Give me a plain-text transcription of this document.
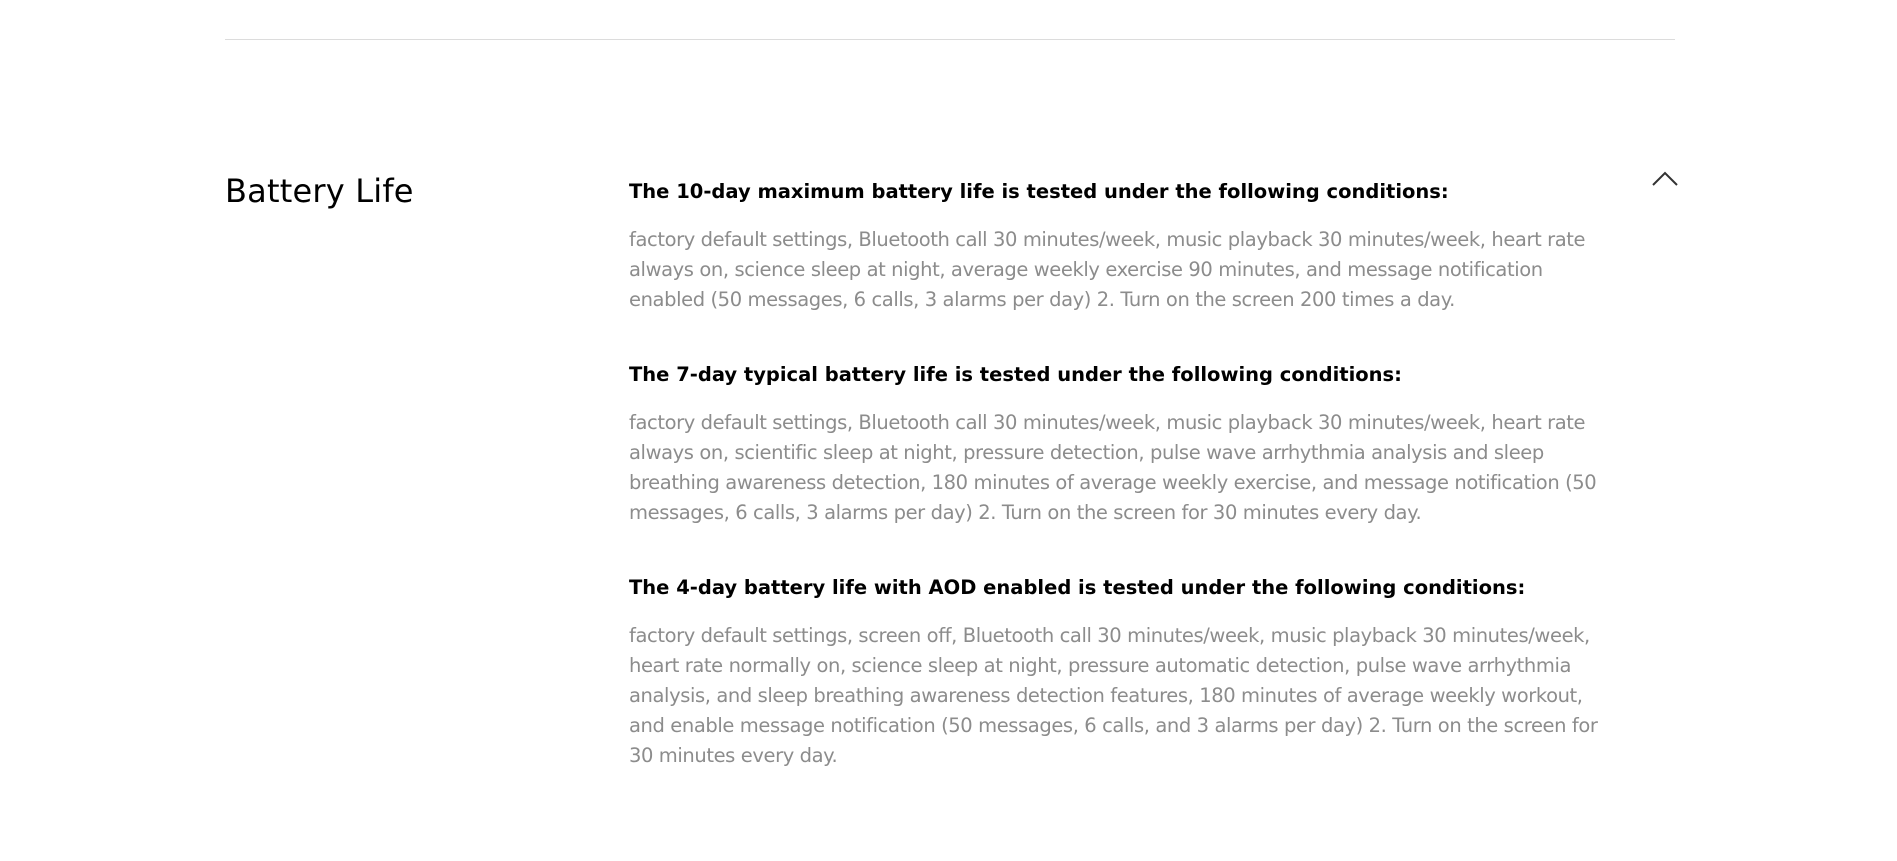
Battery Life	The 10-day maximum battery life is tested under the following conditions:

factory default settings, Bluetooth call 30 minutes/week, music playback 30 minutes/week, heart rate always on, science sleep at night, average weekly exercise 90 minutes, and message notification enabled (50 messages, 6 calls, 3 alarms per day) 2. Turn on the screen 200 times a day.

The 7-day typical battery life is tested under the following conditions:

factory default settings, Bluetooth call 30 minutes/week, music playback 30 minutes/week, heart rate always on, scientific sleep at night, pressure detection, pulse wave arrhythmia analysis and sleep breathing awareness detection, 180 minutes of average weekly exercise, and message notification (50 messages, 6 calls, 3 alarms per day) 2. Turn on the screen for 30 minutes every day.

The 4-day battery life with AOD enabled is tested under the following conditions:

factory default settings, screen off, Bluetooth call 30 minutes/week, music playback 30 minutes/week, heart rate normally on, science sleep at night, pressure automatic detection, pulse wave arrhythmia analysis, and sleep breathing awareness detection features, 180 minutes of average weekly workout, and enable message notification (50 messages, 6 calls, and 3 alarms per day) 2. Turn on the screen for 30 minutes every day.
